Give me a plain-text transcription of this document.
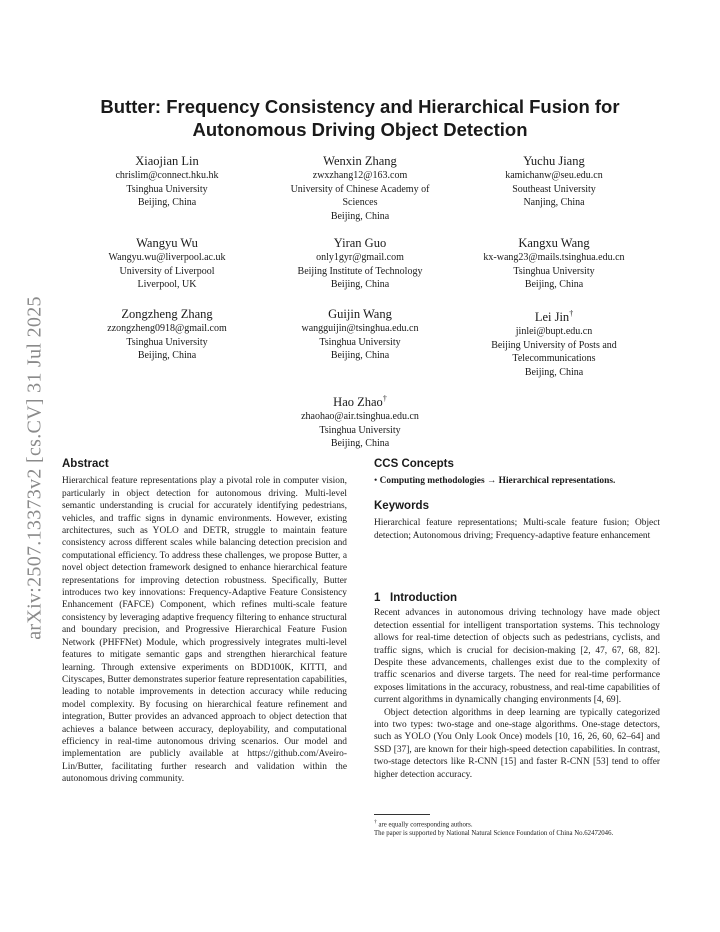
arXiv:2507.13373v2 [cs.CV] 31 Jul 2025
Butter: Frequency Consistency and Hierarchical Fusion for
Autonomous Driving Object Detection
Xiaojian Lin
chrislim@connect.hku.hk
Tsinghua University
Beijing, China
Wenxin Zhang
zwxzhang12@163.com
University of Chinese Academy of
Sciences
Beijing, China
Yuchu Jiang
kamichanw@seu.edu.cn
Southeast University
Nanjing, China
Wangyu Wu
Wangyu.wu@liverpool.ac.uk
University of Liverpool
Liverpool, UK
Yiran Guo
only1gyr@gmail.com
Beijing Institute of Technology
Beijing, China
Kangxu Wang
kx-wang23@mails.tsinghua.edu.cn
Tsinghua University
Beijing, China
Zongzheng Zhang
zzongzheng0918@gmail.com
Tsinghua University
Beijing, China
Guijin Wang
wangguijin@tsinghua.edu.cn
Tsinghua University
Beijing, China
Lei Jin†
jinlei@bupt.edu.cn
Beijing University of Posts and
Telecommunications
Beijing, China
Hao Zhao†
zhaohao@air.tsinghua.edu.cn
Tsinghua University
Beijing, China
Abstract

Hierarchical feature representations play a pivotal role in computer vision, particularly in object detection for autonomous driving. Multi-level semantic understanding is crucial for accurately identifying pedestrians, vehicles, and traffic signs in dynamic environments. However, existing architectures, such as YOLO and DETR, struggle to maintain feature consistency across different scales while balancing detection precision and computational efficiency. To address these challenges, we propose Butter, a novel object detection framework designed to enhance hierarchical feature representations for improving detection robustness. Specifically, Butter introduces two key innovations: Frequency-Adaptive Feature Consistency Enhancement (FAFCE) Component, which refines multi-scale feature consistency by leveraging adaptive frequency filtering to enhance structural and boundary precision, and Progressive Hierarchical Feature Fusion Network (PHFFNet) Module, which progressively integrates multi-level features to mitigate semantic gaps and strengthen hierarchical feature learning. Through extensive experiments on BDD100K, KITTI, and Cityscapes, Butter demonstrates superior feature representation capabilities, leading to notable improvements in detection accuracy while reducing model complexity. By focusing on hierarchical feature refinement and integration, Butter provides an advanced approach to object detection that achieves a balance between accuracy, deployability, and computational efficiency in real-time autonomous driving scenarios. Our model and implementation are publicly available at https://github.com/Aveiro-Lin/Butter, facilitating further research and validation within the autonomous driving community.

CCS Concepts

• Computing methodologies → Hierarchical representations.

Keywords

Hierarchical feature representations; Multi-scale feature fusion; Object detection; Autonomous driving; Frequency-adaptive feature enhancement

1 Introduction

Recent advances in autonomous driving technology have made object detection essential for intelligent transportation systems. This technology allows for real-time detection of objects such as pedestrians, cyclists, and traffic signs, which is crucial for decision-making [2, 47, 67, 68, 82]. Despite these advancements, challenges exist due to the complexity of traffic scenarios and diverse targets. The need for real-time performance exposes limitations in the accuracy, robustness, and real-time capabilities of current algorithms in dynamically changing environments [4, 69].

Object detection algorithms in deep learning are typically categorized into two types: two-stage and one-stage algorithms. One-stage detectors, such as YOLO (You Only Look Once) models [10, 16, 26, 60, 62–64] and SSD [37], are known for their high-speed detection capabilities. In contrast, two-stage detectors like R-CNN [15] and faster R-CNN [53] tend to offer higher detection accuracy.

† are equally corresponding authors.
The paper is supported by National Natural Science Foundation of China No.62472046.
